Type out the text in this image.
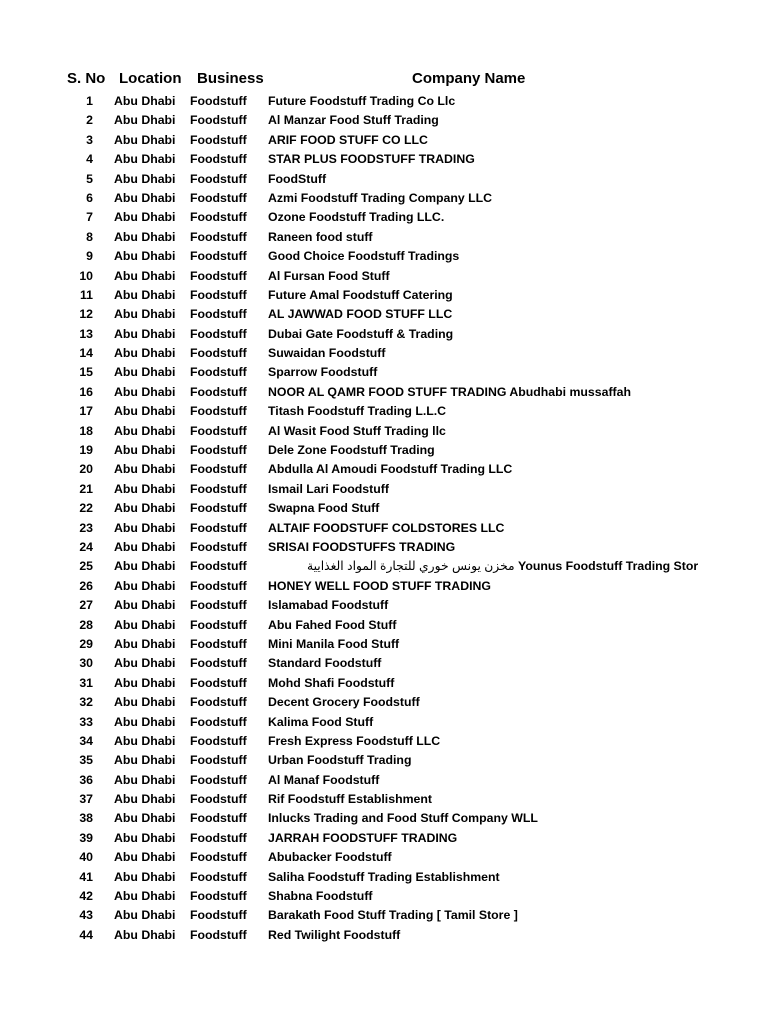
S. No Location Business	Company Name
1 Abu Dhabi Foodstuff Future Foodstuff Trading Co Llc
2 Abu Dhabi Foodstuff Al Manzar Food Stuff Trading
3 Abu Dhabi Foodstuff ARIF FOOD STUFF CO LLC
4 Abu Dhabi Foodstuff STAR PLUS FOODSTUFF TRADING
5 Abu Dhabi Foodstuff FoodStuff
6 Abu Dhabi Foodstuff Azmi Foodstuff Trading Company LLC
7 Abu Dhabi Foodstuff Ozone Foodstuff Trading LLC.
8 Abu Dhabi Foodstuff Raneen food stuff
9 Abu Dhabi Foodstuff Good Choice Foodstuff Tradings
10 Abu Dhabi Foodstuff Al Fursan Food Stuff
11 Abu Dhabi Foodstuff Future Amal Foodstuff Catering
12 Abu Dhabi Foodstuff AL JAWWAD FOOD STUFF LLC
13 Abu Dhabi Foodstuff Dubai Gate Foodstuff & Trading
14 Abu Dhabi Foodstuff Suwaidan Foodstuff
15 Abu Dhabi Foodstuff Sparrow Foodstuff
16 Abu Dhabi Foodstuff NOOR AL QAMR FOOD STUFF TRADING Abudhabi mussaffah
17 Abu Dhabi Foodstuff Titash Foodstuff Trading L.L.C
18 Abu Dhabi Foodstuff Al Wasit Food Stuff Trading llc
19 Abu Dhabi Foodstuff Dele Zone Foodstuff Trading
20 Abu Dhabi Foodstuff Abdulla Al Amoudi Foodstuff Trading LLC
21 Abu Dhabi Foodstuff Ismail Lari Foodstuff
22 Abu Dhabi Foodstuff Swapna Food Stuff
23 Abu Dhabi Foodstuff ALTAIF FOODSTUFF COLDSTORES LLC
24 Abu Dhabi Foodstuff SRISAI FOODSTUFFS TRADING
25 Abu Dhabi Foodstuff	مخزن يونس خوري للتجارة المواد الغذايية Younus Foodstuff Trading Stor
26 Abu Dhabi Foodstuff HONEY WELL FOOD STUFF TRADING
27 Abu Dhabi Foodstuff Islamabad Foodstuff
28 Abu Dhabi Foodstuff Abu Fahed Food Stuff
29 Abu Dhabi Foodstuff Mini Manila Food Stuff
30 Abu Dhabi Foodstuff Standard Foodstuff
31 Abu Dhabi Foodstuff Mohd Shafi Foodstuff
32 Abu Dhabi Foodstuff Decent Grocery Foodstuff
33 Abu Dhabi Foodstuff Kalima Food Stuff
34 Abu Dhabi Foodstuff Fresh Express Foodstuff LLC
35 Abu Dhabi Foodstuff Urban Foodstuff Trading
36 Abu Dhabi Foodstuff Al Manaf Foodstuff
37 Abu Dhabi Foodstuff Rif Foodstuff Establishment
38 Abu Dhabi Foodstuff Inlucks Trading and Food Stuff Company WLL
39 Abu Dhabi Foodstuff JARRAH FOODSTUFF TRADING
40 Abu Dhabi Foodstuff Abubacker Foodstuff
41 Abu Dhabi Foodstuff Saliha Foodstuff Trading Establishment
42 Abu Dhabi Foodstuff Shabna Foodstuff
43 Abu Dhabi Foodstuff Barakath Food Stuff Trading [ Tamil Store ]
44 Abu Dhabi Foodstuff Red Twilight Foodstuff
